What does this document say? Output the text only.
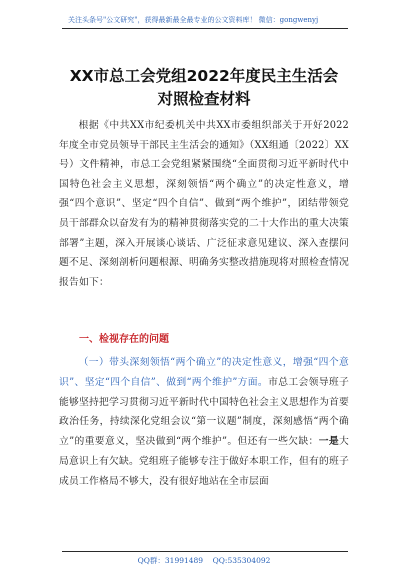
关注头条号"公文研究"，获得最新最全最专业的公文资料库！ 微信：gongwenyj
XX市总工会党组2022年度民主生活会
对照检查材料

根据《中共XX市纪委机关中共XX市委组织部关于开好2022年度全市党员领导干部民主生活会的通知》（XX组通〔2022〕XX号）文件精神，市总工会党组紧紧围绕“全面贯彻习近平新时代中国特色社会主义思想，深刻领悟“两个确立”的决定性意义，增强“四个意识”、坚定“四个自信”、做到“两个维护”，团结带领党员干部群众以奋发有为的精神贯彻落实党的二十大作出的重大决策部署”主题，深入开展谈心谈话、广泛征求意见建议、深入查摆问题不足、深刻剖析问题根源、明确务实整改措施现将对照检查情况报告如下：

一、检视存在的问题

（一）带头深刻领悟“两个确立”的决定性意义，增强“四个意识”、坚定“四个自信”、做到“两个维护”方面。市总工会领导班子能够坚持把学习贯彻习近平新时代中国特色社会主义思想作为首要政治任务，持续深化党组会议“第一议题”制度，深刻感悟“两个确立”的重要意义，坚决做到“两个维护”。但还有一些欠缺：一是大局意识上有欠缺。党组班子能够专注于做好本职工作，但有的班子成员工作格局不够大，没有很好地站在全市层面

QQ群：31991489    QQ:535304092
